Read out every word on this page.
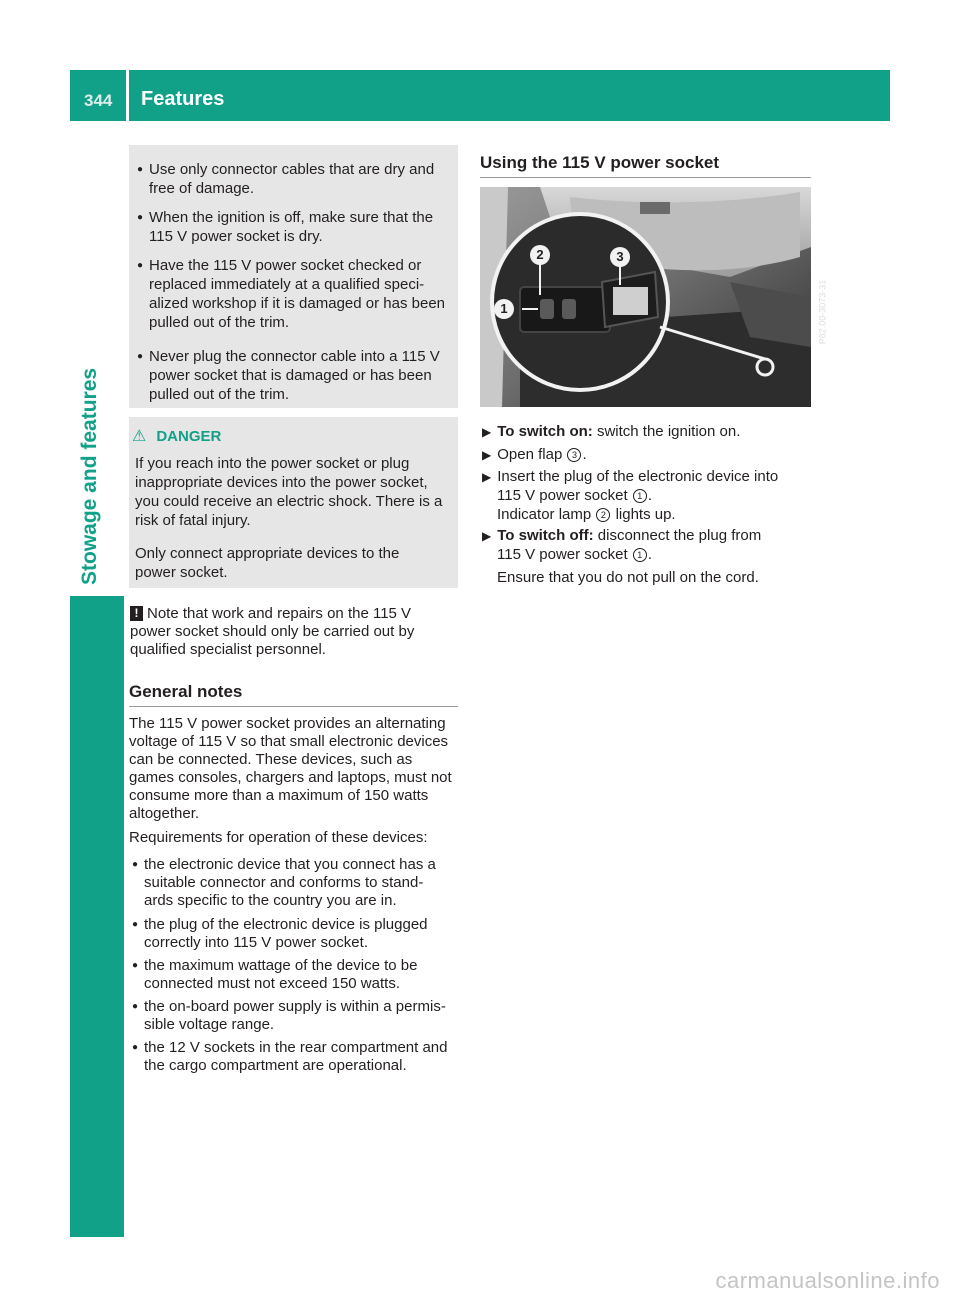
344 Features
Stowage and features
● Use only connector cables that are dry and
free of damage.
● When the ignition is off, make sure that the
115 V power socket is dry.
● Have the 115 V power socket checked or
replaced immediately at a qualified speci-
alized workshop if it is damaged or has been
pulled out of the trim.
● Never plug the connector cable into a 115 V
power socket that is damaged or has been
pulled out of the trim.
⚠ DANGER
If you reach into the power socket or plug
inappropriate devices into the power socket,
you could receive an electric shock. There is a
risk of fatal injury.
Only connect appropriate devices to the
power socket.
! Note that work and repairs on the 115 V
power socket should only be carried out by
qualified specialist personnel.
General notes
The 115 V power socket provides an alternating
voltage of 115 V so that small electronic devices
can be connected. These devices, such as
games consoles, chargers and laptops, must not
consume more than a maximum of 150 watts
altogether.
Requirements for operation of these devices:
● the electronic device that you connect has a
suitable connector and conforms to stand-
ards specific to the country you are in.
● the plug of the electronic device is plugged
correctly into 115 V power socket.
● the maximum wattage of the device to be
connected must not exceed 150 watts.
● the on-board power supply is within a permis-
sible voltage range.
● the 12 V sockets in the rear compartment and
the cargo compartment are operational.
Using the 115 V power socket
1
2	3
P82.00-3073-31
▶ To switch on: switch the ignition on.
▶ Open flap 3 .
▶ Insert the plug of the electronic device into
115 V power socket 1 .
Indicator lamp 2 lights up.
▶ To switch off: disconnect the plug from
115 V power socket 1 .
Ensure that you do not pull on the cord.
carmanualsonline.info
